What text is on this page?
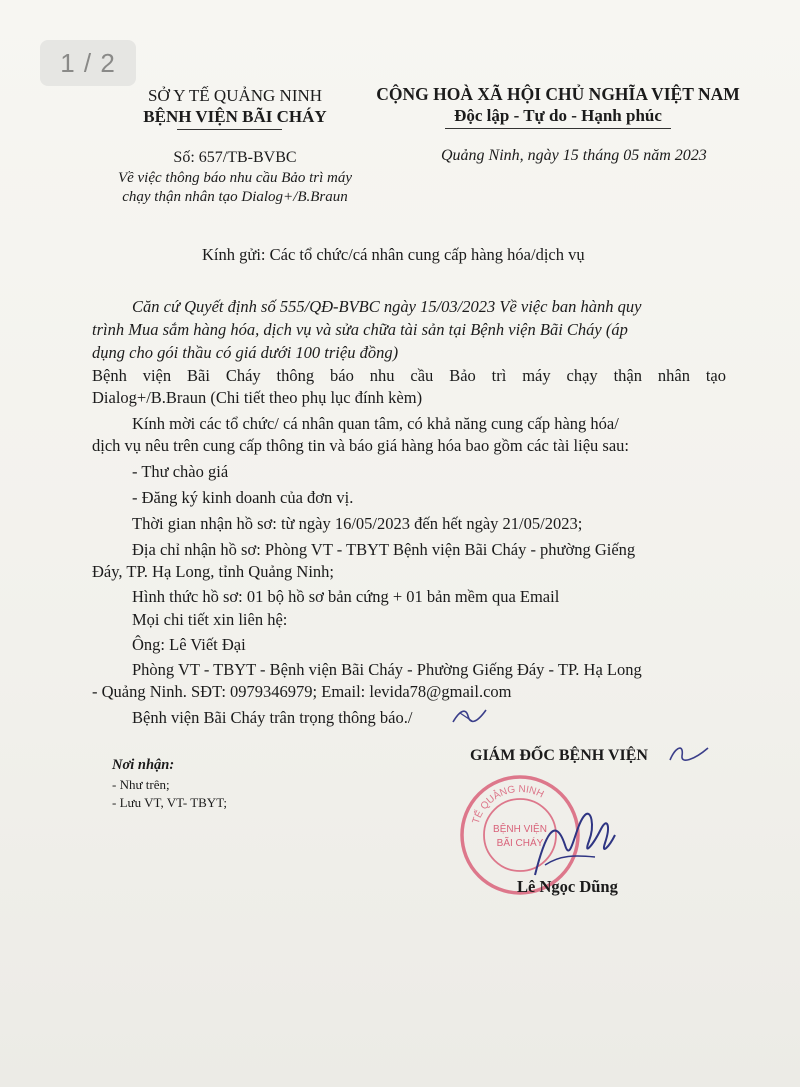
1 / 2
SỞ Y TẾ QUẢNG NINH
BỆNH VIỆN BÃI CHÁY
CỘNG HOÀ XÃ HỘI CHỦ NGHĨA VIỆT NAM
Độc lập - Tự do - Hạnh phúc
Số: 657/TB-BVBC
Về việc thông báo nhu cầu Bảo trì máy
chạy thận nhân tạo Dialog+/B.Braun
Quảng Ninh, ngày 15 tháng 05 năm 2023
Kính gửi: Các tổ chức/cá nhân cung cấp hàng hóa/dịch vụ
Căn cứ Quyết định số 555/QĐ-BVBC ngày 15/03/2023 Về việc ban hành quy
trình Mua sắm hàng hóa, dịch vụ và sửa chữa tài sản tại Bệnh viện Bãi Cháy (áp
dụng cho gói thầu có giá dưới 100 triệu đồng)
Bệnh viện Bãi Cháy thông báo nhu cầu Bảo trì máy chạy thận nhân tạo
Dialog+/B.Braun (Chi tiết theo phụ lục đính kèm)
Kính mời các tổ chức/ cá nhân quan tâm, có khả năng cung cấp hàng hóa/
dịch vụ nêu trên cung cấp thông tin và báo giá hàng hóa bao gồm các tài liệu sau:
- Thư chào giá
- Đăng ký kinh doanh của đơn vị.
Thời gian nhận hồ sơ: từ ngày 16/05/2023 đến hết ngày 21/05/2023;
Địa chỉ nhận hồ sơ: Phòng VT - TBYT Bệnh viện Bãi Cháy - phường Giếng
Đáy, TP. Hạ Long, tỉnh Quảng Ninh;
Hình thức hồ sơ: 01 bộ hồ sơ bản cứng + 01 bản mềm qua Email
Mọi chi tiết xin liên hệ:
Ông: Lê Viết Đại
Phòng VT - TBYT - Bệnh viện Bãi Cháy - Phường Giếng Đáy - TP. Hạ Long
- Quảng Ninh. SĐT: 0979346979; Email: levida78@gmail.com
Bệnh viện Bãi Cháy trân trọng thông báo./
Nơi nhận:
- Như trên;
- Lưu VT, VT- TBYT;
GIÁM ĐỐC BỆNH VIỆN
TẾ QUẢNG NINH
BỆNH VIỆN
BÃI CHÁY
Lê Ngọc Dũng
